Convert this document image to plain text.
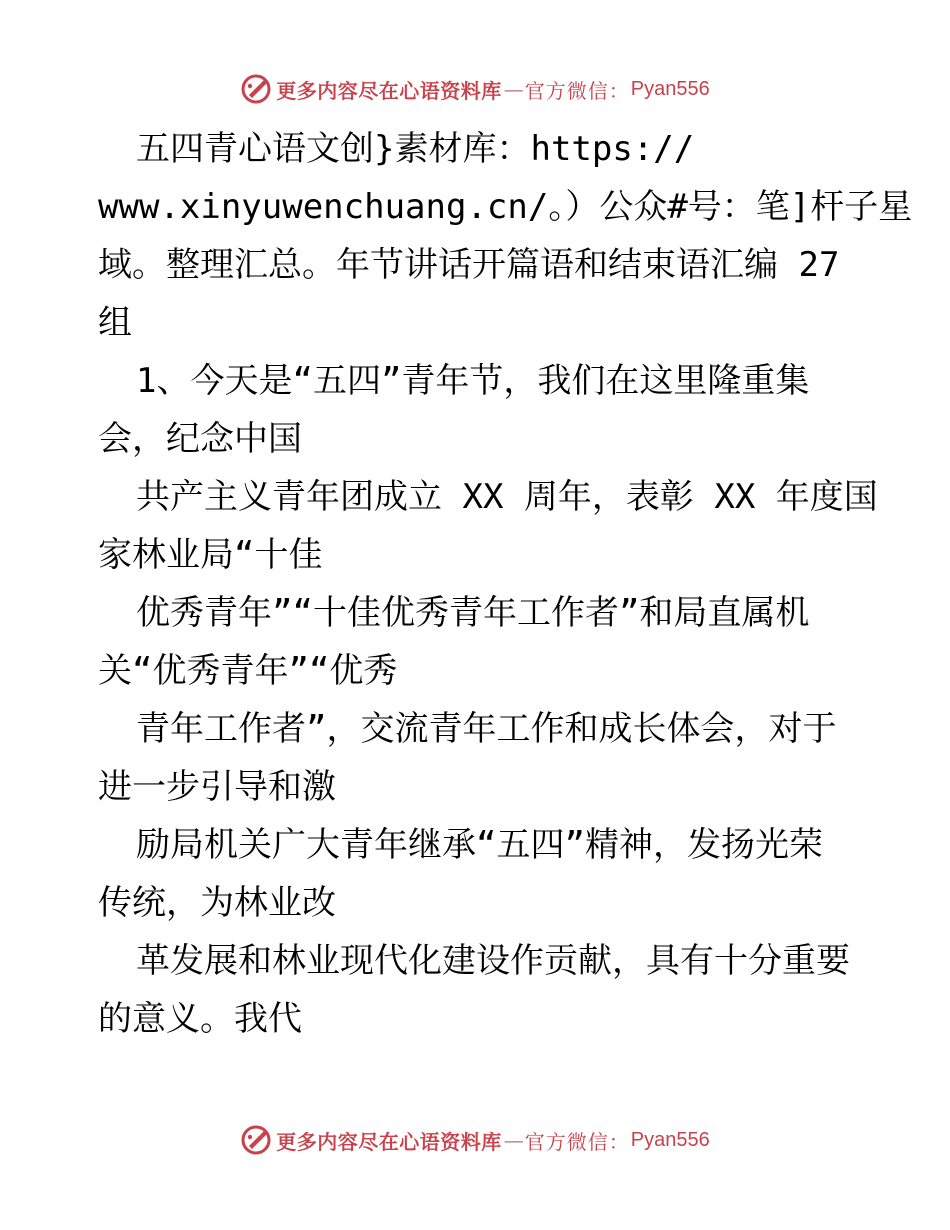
更多内容尽在心语资料库 — 官方微信 ： Pyan556
五四青心语文创}素材库：https://
www.xinyuwenchuang.cn/。）公众#号：笔]杆子星
域。整理汇总。年节讲话开篇语和结束语汇编 27
组
1、今天是“五四”青年节，我们在这里隆重集
会，纪念中国
共产主义青年团成立 XX 周年，表彰 XX 年度国
家林业局“十佳
优秀青年”“十佳优秀青年工作者”和局直属机
关“优秀青年”“优秀
青年工作者”，交流青年工作和成长体会，对于
进一步引导和激
励局机关广大青年继承“五四”精神，发扬光荣
传统，为林业改
革发展和林业现代化建设作贡献，具有十分重要
的意义。我代
更多内容尽在心语资料库 — 官方微信 ： Pyan556
